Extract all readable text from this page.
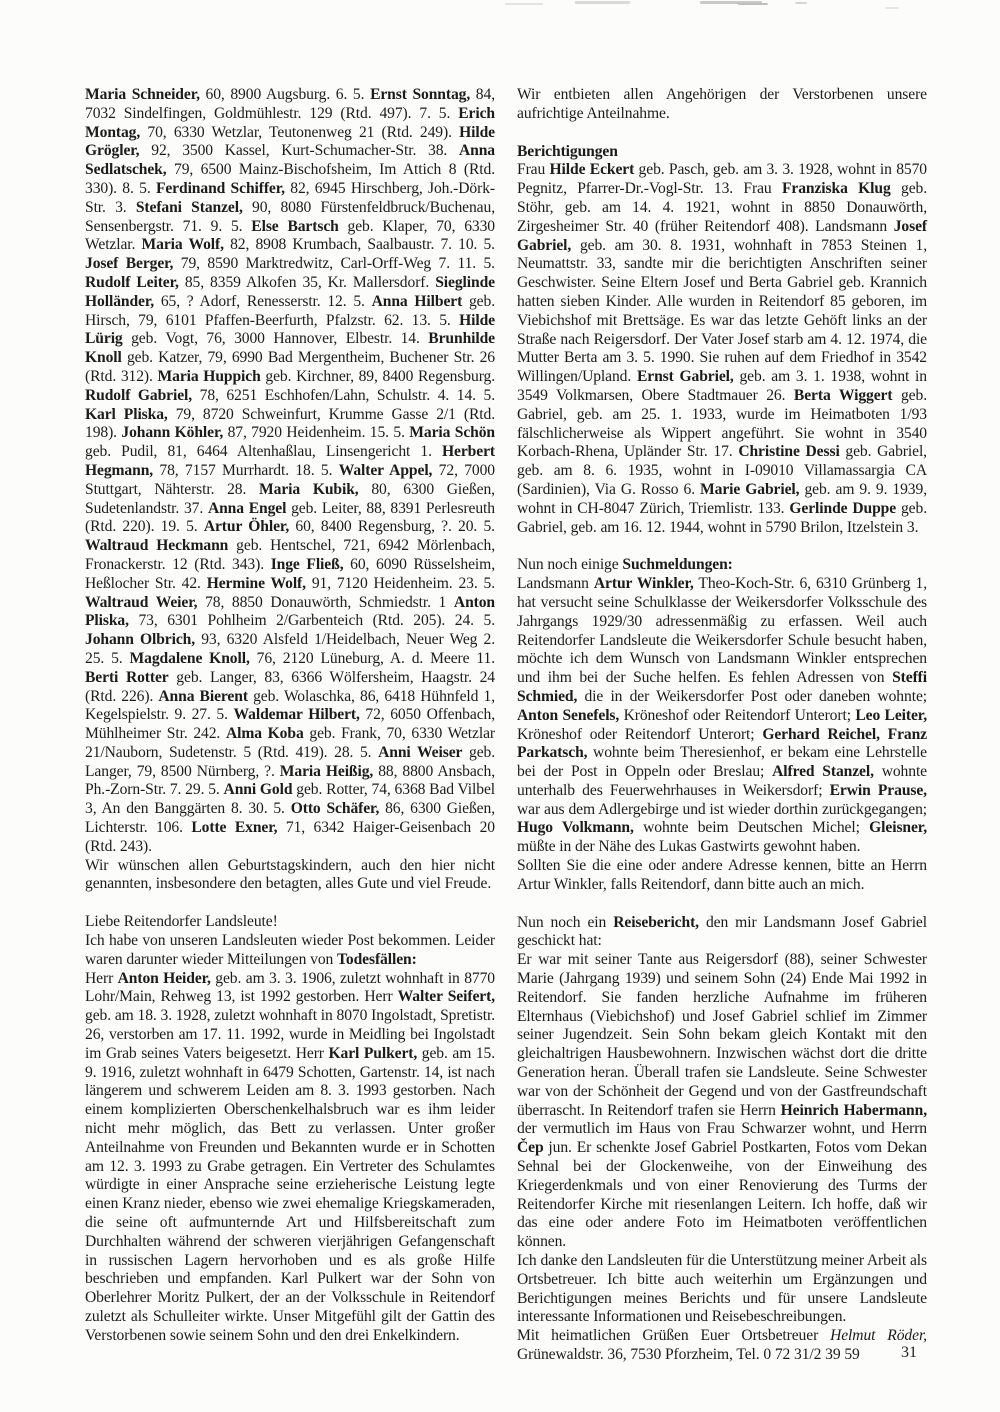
Maria Schneider, 60, 8900 Augsburg. 6. 5. Ernst Sonntag, 84, 7032 Sindelfingen, Goldmühlestr. 129 (Rtd. 497). 7. 5. Erich Montag, 70, 6330 Wetzlar, Teutonenweg 21 (Rtd. 249). Hilde Grögler, 92, 3500 Kassel, Kurt-Schumacher-Str. 38. Anna Sedlatschek, 79, 6500 Mainz-Bischofsheim, Im Attich 8 (Rtd. 330). 8. 5. Ferdinand Schiffer, 82, 6945 Hirschberg, Joh.-Dörk-Str. 3. Stefani Stanzel, 90, 8080 Fürstenfeldbruck/Buchenau, Sensenbergstr. 71. 9. 5. Else Bartsch geb. Klaper, 70, 6330 Wetzlar. Maria Wolf, 82, 8908 Krumbach, Saalbaustr. 7. 10. 5. Josef Berger, 79, 8590 Marktredwitz, Carl-Orff-Weg 7. 11. 5. Rudolf Leiter, 85, 8359 Alkofen 35, Kr. Mallersdorf. Sieglinde Holländer, 65, ? Adorf, Renesserstr. 12. 5. Anna Hilbert geb. Hirsch, 79, 6101 Pfaffen-Beerfurth, Pfalzstr. 62. 13. 5. Hilde Lürig geb. Vogt, 76, 3000 Hannover, Elbestr. 14. Brunhilde Knoll geb. Katzer, 79, 6990 Bad Mergentheim, Buchener Str. 26 (Rtd. 312). Maria Huppich geb. Kirchner, 89, 8400 Regensburg. Rudolf Gabriel, 78, 6251 Eschhofen/Lahn, Schulstr. 4. 14. 5. Karl Pliska, 79, 8720 Schweinfurt, Krumme Gasse 2/1 (Rtd. 198). Johann Köhler, 87, 7920 Heidenheim. 15. 5. Maria Schön geb. Pudil, 81, 6464 Altenhaßlau, Linsengericht 1. Herbert Hegmann, 78, 7157 Murrhardt. 18. 5. Walter Appel, 72, 7000 Stuttgart, Nähterstr. 28. Maria Kubik, 80, 6300 Gießen, Sudetenlandstr. 37. Anna Engel geb. Leiter, 88, 8391 Perlesreuth (Rtd. 220). 19. 5. Artur Öhler, 60, 8400 Regensburg, ?. 20. 5. Waltraud Heckmann geb. Hentschel, 721, 6942 Mörlenbach, Fronackerstr. 12 (Rtd. 343). Inge Fließ, 60, 6090 Rüsselsheim, Heßlocher Str. 42. Hermine Wolf, 91, 7120 Heidenheim. 23. 5. Waltraud Weier, 78, 8850 Donauwörth, Schmiedstr. 1 Anton Pliska, 73, 6301 Pohlheim 2/Garbenteich (Rtd. 205). 24. 5. Johann Olbrich, 93, 6320 Alsfeld 1/Heidelbach, Neuer Weg 2. 25. 5. Magdalene Knoll, 76, 2120 Lüneburg, A. d. Meere 11. Berti Rotter geb. Langer, 83, 6366 Wölfersheim, Haagstr. 24 (Rtd. 226). Anna Bierent geb. Wolaschka, 86, 6418 Hühnfeld 1, Kegelspielstr. 9. 27. 5. Waldemar Hilbert, 72, 6050 Offenbach, Mühlheimer Str. 242. Alma Koba geb. Frank, 70, 6330 Wetzlar 21/Nauborn, Sudetenstr. 5 (Rtd. 419). 28. 5. Anni Weiser geb. Langer, 79, 8500 Nürnberg, ?. Maria Heißig, 88, 8800 Ansbach, Ph.-Zorn-Str. 7. 29. 5. Anni Gold geb. Rotter, 74, 6368 Bad Vilbel 3, An den Banggärten 8. 30. 5. Otto Schäfer, 86, 6300 Gießen, Lichterstr. 106. Lotte Exner, 71, 6342 Haiger-Geisenbach 20 (Rtd. 243).

Wir wünschen allen Geburtstagskindern, auch den hier nicht genannten, insbesondere den betagten, alles Gute und viel Freude.

Liebe Reitendorfer Landsleute!

Ich habe von unseren Landsleuten wieder Post bekommen. Leider waren darunter wieder Mitteilungen von Todesfällen:

Herr Anton Heider, geb. am 3. 3. 1906, zuletzt wohnhaft in 8770 Lohr/Main, Rehweg 13, ist 1992 gestorben. Herr Walter Seifert, geb. am 18. 3. 1928, zuletzt wohnhaft in 8070 Ingolstadt, Spretistr. 26, verstorben am 17. 11. 1992, wurde in Meidling bei Ingolstadt im Grab seines Vaters beigesetzt. Herr Karl Pulkert, geb. am 15. 9. 1916, zuletzt wohnhaft in 6479 Schotten, Gartenstr. 14, ist nach längerem und schwerem Leiden am 8. 3. 1993 gestorben. Nach einem komplizierten Oberschenkelhalsbruch war es ihm leider nicht mehr möglich, das Bett zu verlassen. Unter großer Anteilnahme von Freunden und Bekannten wurde er in Schotten am 12. 3. 1993 zu Grabe getragen. Ein Vertreter des Schulamtes würdigte in einer Ansprache seine erzieherische Leistung legte einen Kranz nieder, ebenso wie zwei ehemalige Kriegskameraden, die seine oft aufmunternde Art und Hilfsbereitschaft zum Durchhalten während der schweren vierjährigen Gefangenschaft in russischen Lagern hervorhoben und es als große Hilfe beschrieben und empfanden. Karl Pulkert war der Sohn von Oberlehrer Moritz Pulkert, der an der Volksschule in Reitendorf zuletzt als Schulleiter wirkte. Unser Mitgefühl gilt der Gattin des Verstorbenen sowie seinem Sohn und den drei Enkelkindern.

Wir entbieten allen Angehörigen der Verstorbenen unsere aufrichtige Anteilnahme.

Berichtigungen

Frau Hilde Eckert geb. Pasch, geb. am 3. 3. 1928, wohnt in 8570 Pegnitz, Pfarrer-Dr.-Vogl-Str. 13. Frau Franziska Klug geb. Stöhr, geb. am 14. 4. 1921, wohnt in 8850 Donauwörth, Zirgesheimer Str. 40 (früher Reitendorf 408). Landsmann Josef Gabriel, geb. am 30. 8. 1931, wohnhaft in 7853 Steinen 1, Neumattstr. 33, sandte mir die berichtigten Anschriften seiner Geschwister. Seine Eltern Josef und Berta Gabriel geb. Krannich hatten sieben Kinder. Alle wurden in Reitendorf 85 geboren, im Viebichshof mit Brettsäge. Es war das letzte Gehöft links an der Straße nach Reigersdorf. Der Vater Josef starb am 4. 12. 1974, die Mutter Berta am 3. 5. 1990. Sie ruhen auf dem Friedhof in 3542 Willingen/Upland. Ernst Gabriel, geb. am 3. 1. 1938, wohnt in 3549 Volkmarsen, Obere Stadtmauer 26. Berta Wiggert geb. Gabriel, geb. am 25. 1. 1933, wurde im Heimatboten 1/93 fälschlicherweise als Wippert angeführt. Sie wohnt in 3540 Korbach-Rhena, Upländer Str. 17. Christine Dessi geb. Gabriel, geb. am 8. 6. 1935, wohnt in I-09010 Villamassargia CA (Sardinien), Via G. Rosso 6. Marie Gabriel, geb. am 9. 9. 1939, wohnt in CH-8047 Zürich, Triemlistr. 133. Gerlinde Duppe geb. Gabriel, geb. am 16. 12. 1944, wohnt in 5790 Brilon, Itzelstein 3.

Nun noch einige Suchmeldungen:

Landsmann Artur Winkler, Theo-Koch-Str. 6, 6310 Grünberg 1, hat versucht seine Schulklasse der Weikersdorfer Volksschule des Jahrgangs 1929/30 adressenmäßig zu erfassen. Weil auch Reitendorfer Landsleute die Weikersdorfer Schule besucht haben, möchte ich dem Wunsch von Landsmann Winkler entsprechen und ihm bei der Suche helfen. Es fehlen Adressen von Steffi Schmied, die in der Weikersdorfer Post oder daneben wohnte; Anton Senefels, Kröneshof oder Reitendorf Unterort; Leo Leiter, Kröneshof oder Reitendorf Unterort; Gerhard Reichel, Franz Parkatsch, wohnte beim Theresienhof, er bekam eine Lehrstelle bei der Post in Oppeln oder Breslau; Alfred Stanzel, wohnte unterhalb des Feuerwehrhauses in Weikersdorf; Erwin Prause, war aus dem Adlergebirge und ist wieder dorthin zurückgegangen; Hugo Volkmann, wohnte beim Deutschen Michel; Gleisner, müßte in der Nähe des Lukas Gastwirts gewohnt haben.

Sollten Sie die eine oder andere Adresse kennen, bitte an Herrn Artur Winkler, falls Reitendorf, dann bitte auch an mich.

Nun noch ein Reisebericht, den mir Landsmann Josef Gabriel geschickt hat:

Er war mit seiner Tante aus Reigersdorf (88), seiner Schwester Marie (Jahrgang 1939) und seinem Sohn (24) Ende Mai 1992 in Reitendorf. Sie fanden herzliche Aufnahme im früheren Elternhaus (Viebichshof) und Josef Gabriel schlief im Zimmer seiner Jugendzeit. Sein Sohn bekam gleich Kontakt mit den gleichaltrigen Hausbewohnern. Inzwischen wächst dort die dritte Generation heran. Überall trafen sie Landsleute. Seine Schwester war von der Schönheit der Gegend und von der Gastfreundschaft überrascht. In Reitendorf trafen sie Herrn Heinrich Habermann, der vermutlich im Haus von Frau Schwarzer wohnt, und Herrn Čep jun. Er schenkte Josef Gabriel Postkarten, Fotos vom Dekan Sehnal bei der Glockenweihe, von der Einweihung des Kriegerdenkmals und von einer Renovierung des Turms der Reitendorfer Kirche mit riesenlangen Leitern. Ich hoffe, daß wir das eine oder andere Foto im Heimatboten veröffentlichen können.

Ich danke den Landsleuten für die Unterstützung meiner Arbeit als Ortsbetreuer. Ich bitte auch weiterhin um Ergänzungen und Berichtigungen meines Berichts und für unsere Landsleute interessante Informationen und Reisebeschreibungen.

Mit heimatlichen Grüßen Euer Ortsbetreuer Helmut Röder, Grünewaldstr. 36, 7530 Pforzheim, Tel. 0 72 31/2 39 59	31
